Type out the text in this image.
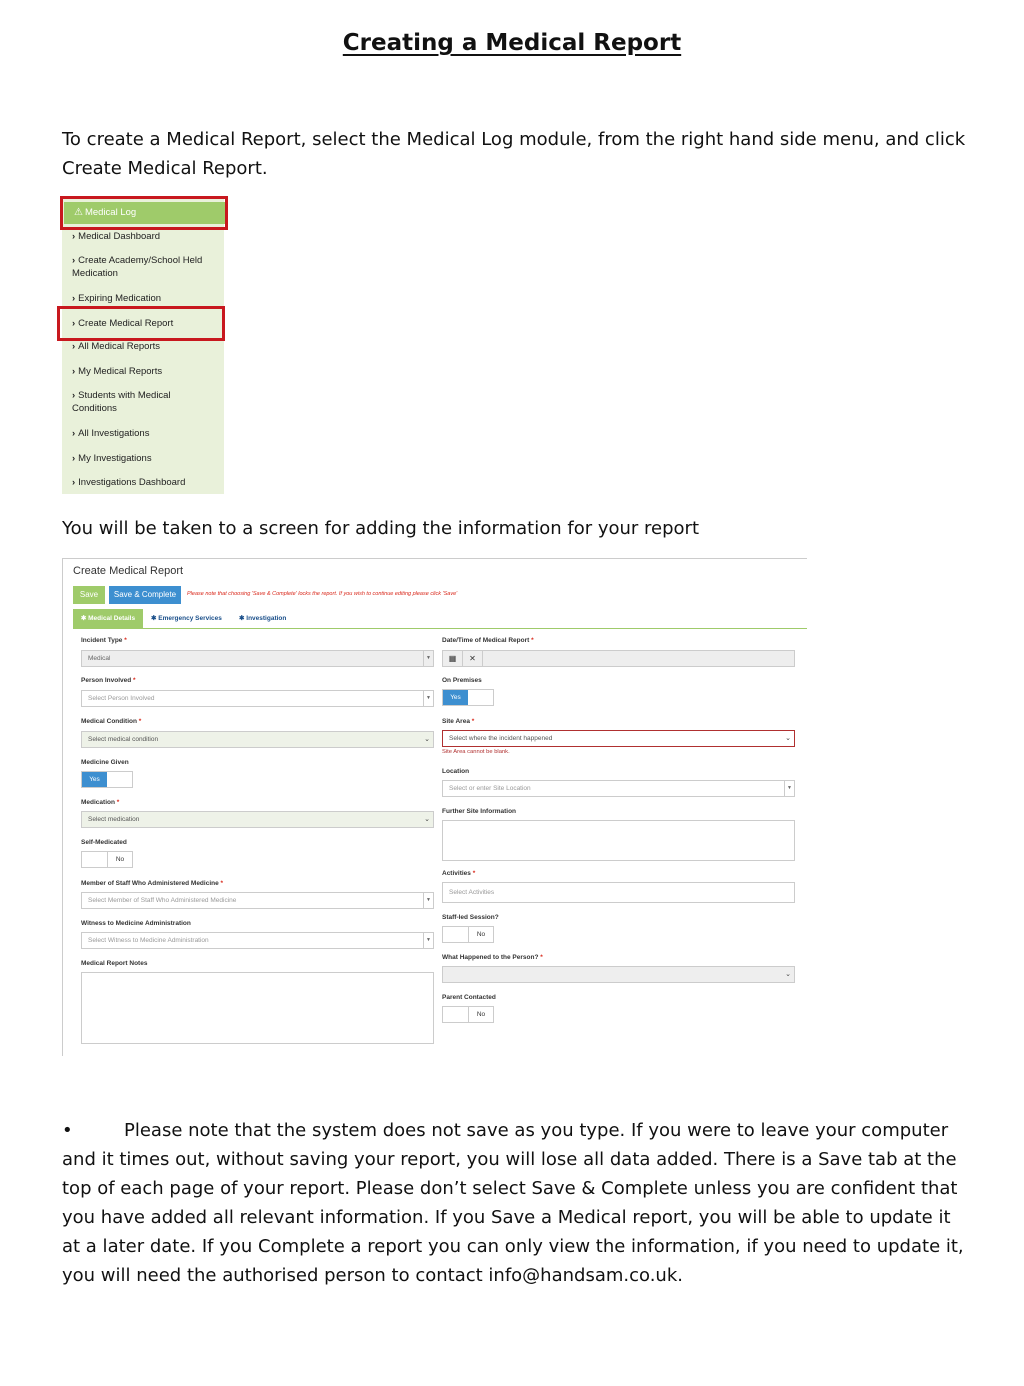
Creating a Medical Report

To create a Medical Report, select the Medical Log module, from the right hand side menu, and click Create Medical Report.

⚠ Medical Log
› Medical Dashboard
› Create Academy/School Held Medication
› Expiring Medication
› Create Medical Report
› All Medical Reports
› My Medical Reports
› Students with Medical Conditions
› All Investigations
› My Investigations
› Investigations Dashboard

You will be taken to a screen for adding the information for your report

Create Medical Report
Save	Save & Complete	Please note that choosing 'Save & Complete' locks the report. If you wish to continue editing please click 'Save'
✱ Medical Details	✱ Emergency Services	✱ Investigation
Incident Type *
Medical	▼
Person Involved *
Select Person Involved	▼
Medical Condition *
Select medical condition	⌄
Medicine Given
Yes
Medication *
Select medication	⌄
Self-Medicated
No
Member of Staff Who Administered Medicine *
Select Member of Staff Who Administered Medicine	▼
Witness to Medicine Administration
Select Witness to Medicine Administration	▼
Medical Report Notes
Date/Time of Medical Report *
▦	✕
On Premises
Yes
Site Area *
Select where the incident happened	⌄
Site Area cannot be blank.
Location
Select or enter Site Location	▼
Further Site Information
Activities *
Select Activities
Staff-led Session?
No
What Happened to the Person? *
⌄
Parent Contacted
No
•	Please note that the system does not save as you type. If you were to leave your computer and it times out, without saving your report, you will lose all data added. There is a Save tab at the top of each page of your report. Please don’t select Save & Complete unless you are confident that you have added all relevant information. If you Save a Medical report, you will be able to update it at a later date. If you Complete a report you can only view the information, if you need to update it, you will need the authorised person to contact info@handsam.co.uk.
